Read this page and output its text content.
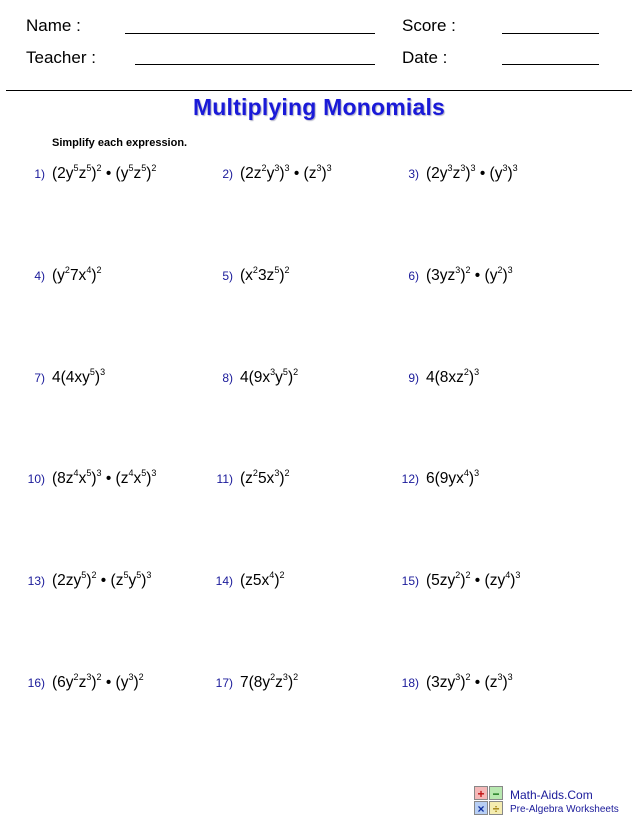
Name :
Teacher :
Score :
Date :
Multiplying Monomials
Simplify each expression.
1) $(2y^5z^5)^2$ • $(y^5z^5)^2$	2) $(2z^2y^3)^3$ • $(z^3)^3$	3) $(2y^3z^3)^3$ • $(y^3)^3$
4) $(y^27x^4)^2$	5) $(x^23z^5)^2$	6) $(3yz^3)^2$ • $(y^2)^3$
7) $4(4xy^5)^3$	8) $4(9x^3y^5)^2$	9) $4(8xz^2)^3$
10) $(8z^4x^5)^3$ • $(z^4x^5)^3$	11) $(z^25x^3)^2$	12) $6(9yx^4)^3$
13) $(2zy^5)^2$ • $(z^5y^5)^3$	14) $(z5x^4)^2$	15) $(5zy^2)^2$ • $(zy^4)^3$
16) $(6y^2z^3)^2$ • $(y^3)^2$	17) $7(8y^2z^3)^2$	18) $(3zy^3)^2$ • $(z^3)^3$
+ −
× ÷
Math-Aids.Com
Pre-Algebra Worksheets
